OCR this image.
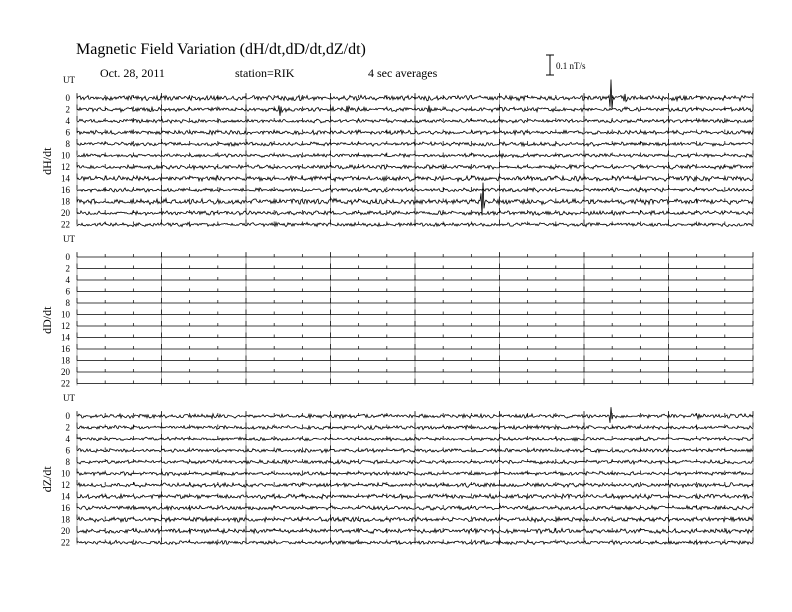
Magnetic Field Variation (dH/dt,dD/dt,dZ/dt)
Oct. 28, 2011	station=RIK	4 sec averages	0.1 nT/s
UT
dH/dt
0
2
4
6
8
10
12
14
16
18
20
22
UT
dD/dt
0
2
4
6
8
10
12
14
16
18
20
22
UT
dZ/dt
0
2
4
6
8
10
12
14
16
18
20
22
